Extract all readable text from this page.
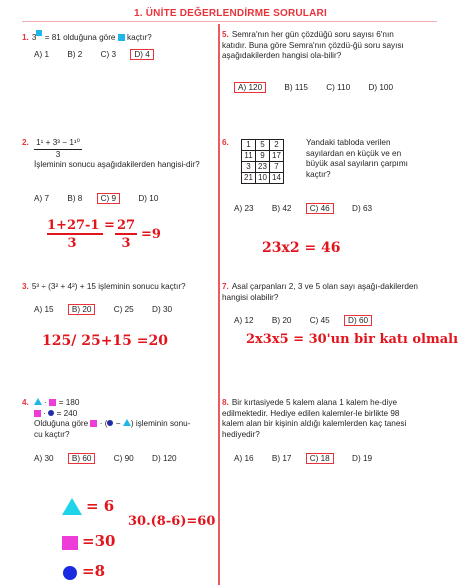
1. ÜNİTE DEĞERLENDİRME SORULARI
1. 3 = 81 olduğuna göre kaçtır?
A) 1 B) 2 C) 3 D) 4
2. $\frac{\text{1¹ + 3³ − 1¹⁰}}{3}$
İşleminin sonucu aşağıdakilerden hangisi-dir?
A) 7 B) 8 C) 9	D) 10
1+27-1 =
3
27
3
=9
3. 5³ ÷ (3² + 4²) + 15 işleminin sonucu kaçtır?
A) 15 B) 20	C) 25 D) 30
125/ 25+15 =20
4.  ·  = 180
·  = 240
Olduğuna göre  · ( − ) işleminin sonu-
cu kaçtır?
A) 30 B) 60	C) 90 D) 120
= 6
30.(8-6)=60
=30
=8
5. Semra'nın her gün çözdüğü soru sayısı 6'nın katıdır. Buna göre Semra'nın çözdü-ğü soru sayısı aşağıdakilerden hangisi ola-bilir?
A) 120	B) 115 C) 110 D) 100
6.	1	5	2
11	9	17
3	23	7
21	10	14
Yandaki tabloda verilen sayılardan en küçük ve en büyük asal sayıların çarpımı kaçtır?
A) 23 B) 42 C) 46	D) 63
23x2 = 46
7. Asal çarpanları 2, 3 ve 5 olan sayı aşağı-dakilerden hangisi olabilir?
A) 12 B) 20 C) 45 D) 60
2x3x5 = 30'un bir katı olmalı
8. Bir kırtasiyede 5 kalem alana 1 kalem he-diye edilmektedir. Hediye edilen kalemler-le birlikte 98 kalem alan bir kişinin aldığı kalemlerden kaç tanesi hediyedir?
A) 16 B) 17 C) 18	D) 19
